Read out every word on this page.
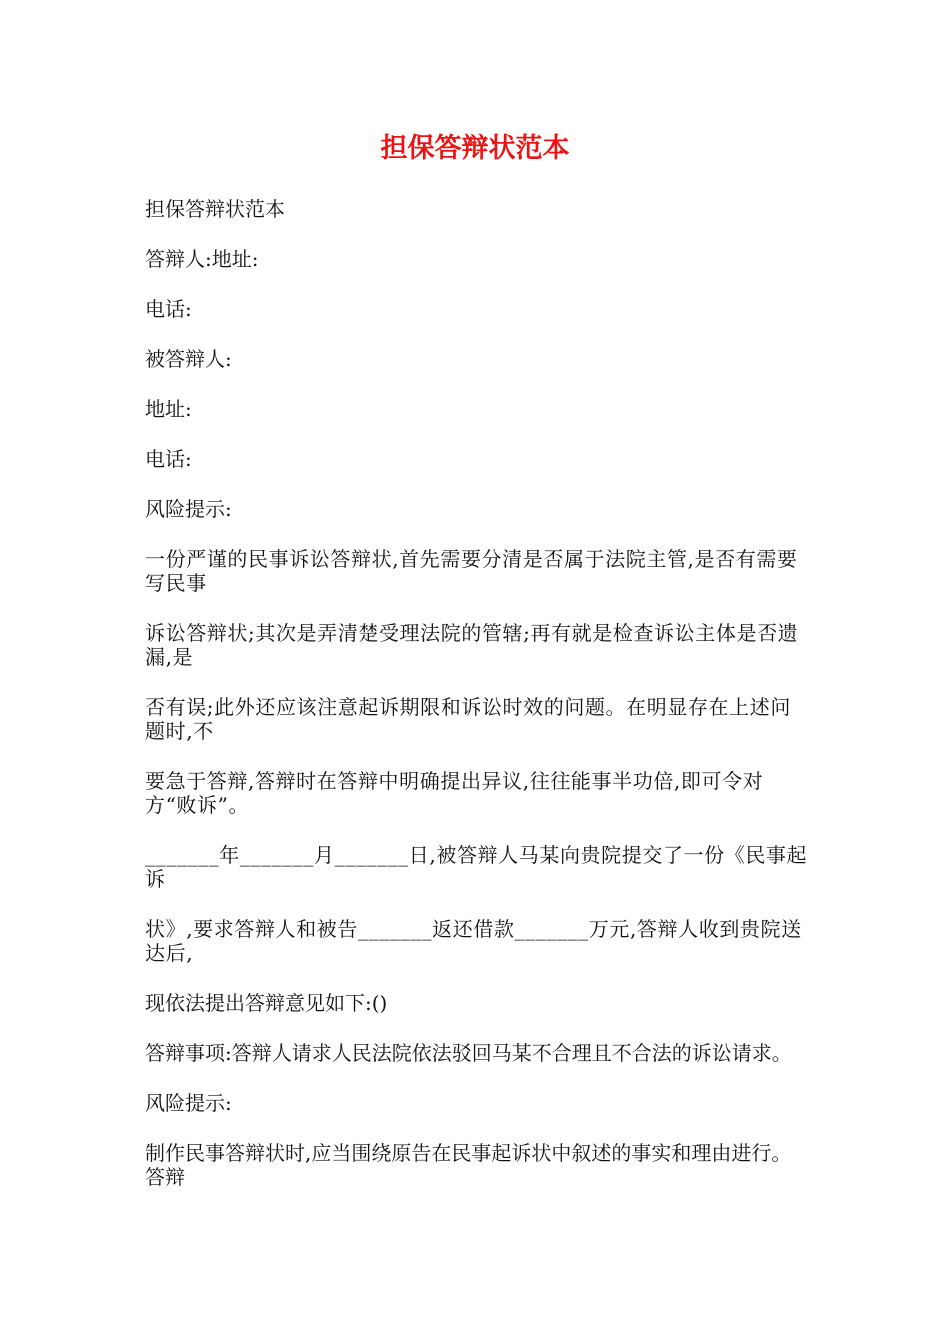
担保答辩状范本

担保答辩状范本

答辩人:地址:

电话:

被答辩人:

地址:

电话:

风险提示:

一份严谨的民事诉讼答辩状,首先需要分清是否属于法院主管,是否有需要写民事

诉讼答辩状;其次是弄清楚受理法院的管辖;再有就是检查诉讼主体是否遗漏,是

否有误;此外还应该注意起诉期限和诉讼时效的问题。在明显存在上述问题时,不

要急于答辩,答辩时在答辩中明确提出异议,往往能事半功倍,即可令对方“败诉”。

_______年_______月_______日,被答辩人马某向贵院提交了一份《民事起诉

状》,要求答辩人和被告_______返还借款_______万元,答辩人收到贵院送达后,

现依法提出答辩意见如下:()

答辩事项:答辩人请求人民法院依法驳回马某不合理且不合法的诉讼请求。

风险提示:

制作民事答辩状时,应当围绕原告在民事起诉状中叙述的事实和理由进行。答辩
